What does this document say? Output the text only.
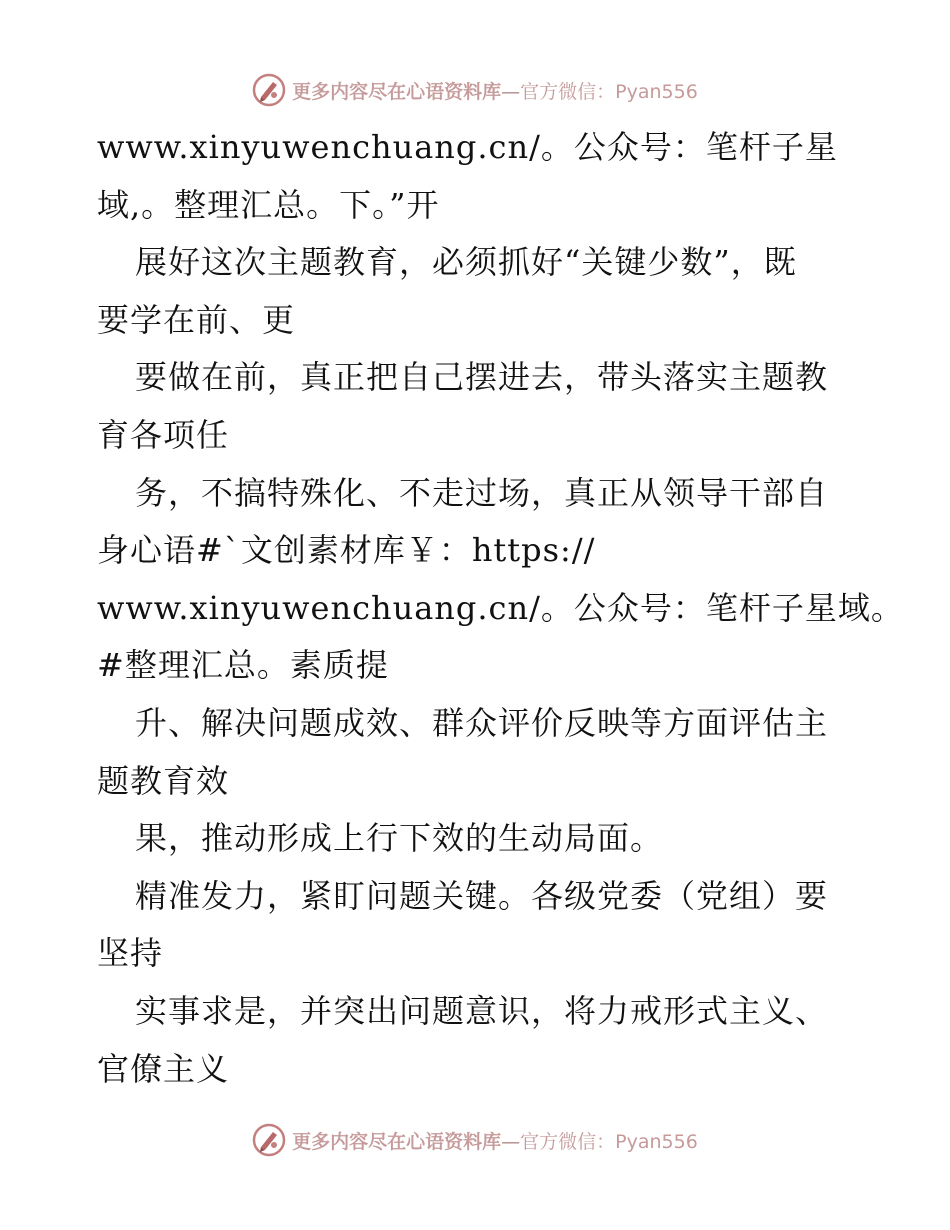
更多内容尽在心语资料库—官方微信：Pyan556
www.xinyuwenchuang.cn/。公众号：笔杆子星
域,。整理汇总。下。”开
展好这次主题教育，必须抓好“关键少数”，既
要学在前、更
要做在前，真正把自己摆进去，带头落实主题教
育各项任
务，不搞特殊化、不走过场，真正从领导干部自
身心语#`文创素材库￥：https://
www.xinyuwenchuang.cn/。公众号：笔杆子星域。
#整理汇总。素质提
升、解决问题成效、群众评价反映等方面评估主
题教育效
果，推动形成上行下效的生动局面。
精准发力，紧盯问题关键。各级党委（党组）要
坚持
实事求是，并突出问题意识，将力戒形式主义、
官僚主义
更多内容尽在心语资料库—官方微信：Pyan556
